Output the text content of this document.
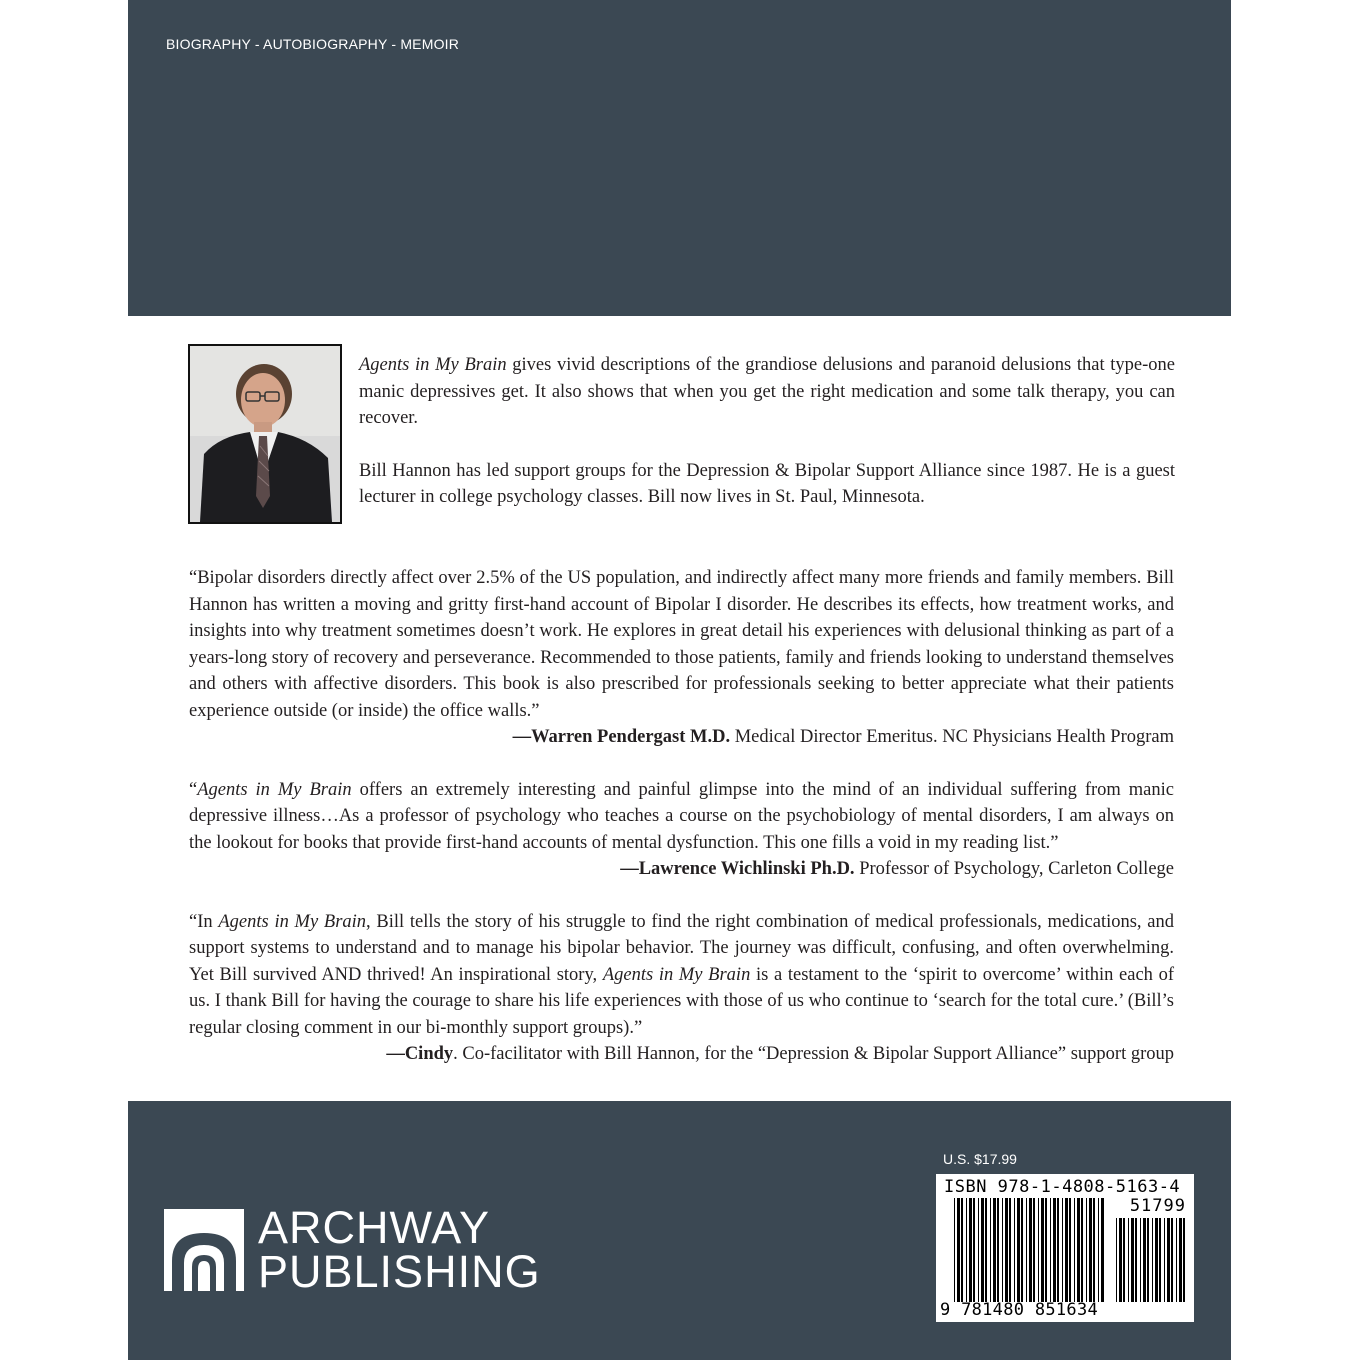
BIOGRAPHY - AUTOBIOGRAPHY - MEMOIR

Agents in My Brain gives vivid descriptions of the grandiose delusions and paranoid delusions that type-one manic depressives get. It also shows that when you get the right medication and some talk therapy, you can recover.

Bill Hannon has led support groups for the Depression & Bipolar Support Alliance since 1987. He is a guest lecturer in college psychology classes. Bill now lives in St. Paul, Minnesota.

“Bipolar disorders directly affect over 2.5% of the US population, and indirectly affect many more friends and family members. Bill Hannon has written a moving and gritty first-hand account of Bipolar I disorder. He describes its effects, how treatment works, and insights into why treatment sometimes doesn’t work. He explores in great detail his experiences with delusional thinking as part of a years-long story of recovery and perseverance. Recommended to those patients, family and friends looking to understand themselves and others with affective disorders. This book is also prescribed for professionals seeking to better appreciate what their patients experience outside (or inside) the office walls.”

—Warren Pendergast M.D. Medical Director Emeritus. NC Physicians Health Program

“Agents in My Brain offers an extremely interesting and painful glimpse into the mind of an individual suffering from manic depressive illness…As a professor of psychology who teaches a course on the psychobiology of mental disorders, I am always on the lookout for books that provide first-hand accounts of mental dysfunction. This one fills a void in my reading list.”

—Lawrence Wichlinski Ph.D. Professor of Psychology, Carleton College

“In Agents in My Brain, Bill tells the story of his struggle to find the right combination of medical professionals, medications, and support systems to understand and to manage his bipolar behavior. The journey was difficult, confusing, and often overwhelming. Yet Bill survived AND thrived! An inspirational story, Agents in My Brain is a testament to the ‘spirit to overcome’ within each of us. I thank Bill for having the courage to share his life experiences with those of us who continue to ‘search for the total cure.’ (Bill’s regular closing comment in our bi-monthly support groups).”

—Cindy. Co-facilitator with Bill Hannon, for the “Depression & Bipolar Support Alliance” support group

ARCHWAY
PUBLISHING
U.S. $17.99
ISBN 978-1-4808-5163-4
51799
9 781480 851634
